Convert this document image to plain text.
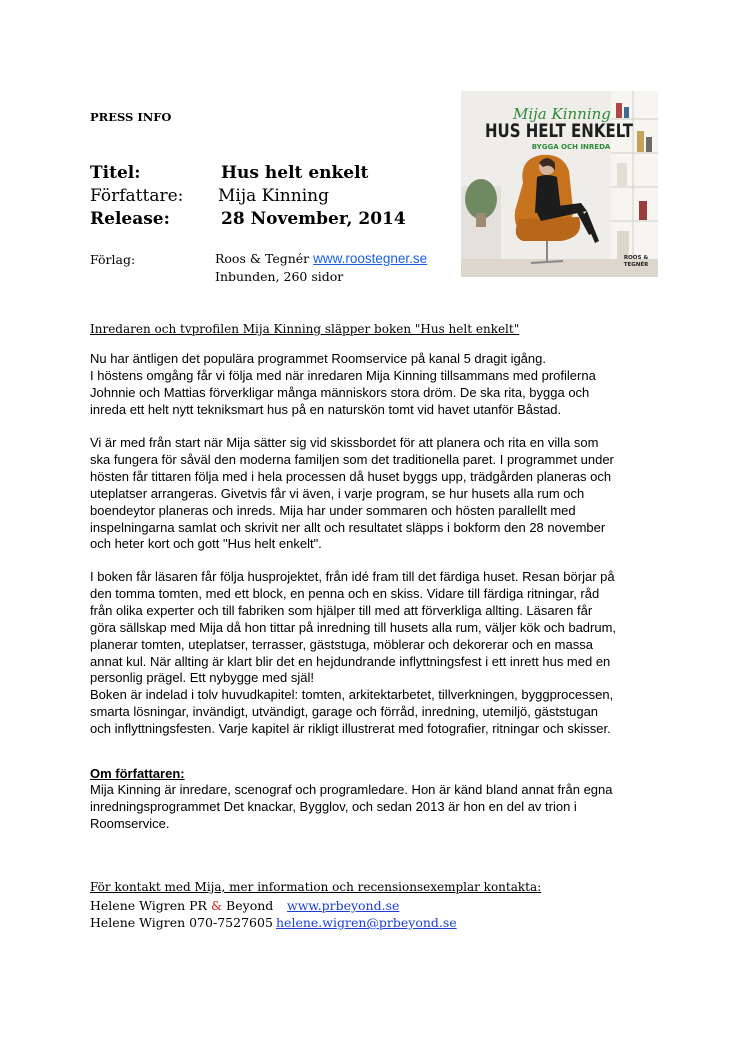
PRESS INFO
Titel:	Hus helt enkelt
Författare: Mija Kinning
Release:	28 November, 2014
Förlag:	Roos & Tegnér www.roostegner.se
Inbunden, 260 sidor
Mija Kinning
HUS HELT ENKELT
BYGGA OCH INREDA
ROOS &
TEGNÉR
Inredaren och tvprofilen Mija Kinning släpper boken "Hus helt enkelt"

Nu har äntligen det populära programmet Roomservice på kanal 5 dragit igång.
I höstens omgång får vi följa med när inredaren Mija Kinning tillsammans med profilerna
Johnnie och Mattias förverkligar många människors stora dröm. De ska rita, bygga och
inreda ett helt nytt tekniksmart hus på en naturskön tomt vid havet utanför Båstad.

Vi är med från start när Mija sätter sig vid skissbordet för att planera och rita en villa som
ska fungera för såväl den moderna familjen som det traditionella paret. I programmet under
hösten får tittaren följa med i hela processen då huset byggs upp, trädgården planeras och
uteplatser arrangeras. Givetvis får vi även, i varje program, se hur husets alla rum och
boendeytor planeras och inreds. Mija har under sommaren och hösten parallellt med
inspelningarna samlat och skrivit ner allt och resultatet släpps i bokform den 28 november
och heter kort och gott "Hus helt enkelt".

I boken får läsaren får följa husprojektet, från idé fram till det färdiga huset. Resan börjar på
den tomma tomten, med ett block, en penna och en skiss. Vidare till färdiga ritningar, råd
från olika experter och till fabriken som hjälper till med att förverkliga allting. Läsaren får
göra sällskap med Mija då hon tittar på inredning till husets alla rum, väljer kök och badrum,
planerar tomten, uteplatser, terrasser, gäststuga, möblerar och dekorerar och en massa
annat kul. När allting är klart blir det en hejdundrande inflyttningsfest i ett inrett hus med en
personlig prägel. Ett nybygge med själ!
Boken är indelad i tolv huvudkapitel: tomten, arkitektarbetet, tillverkningen, byggprocessen,
smarta lösningar, invändigt, utvändigt, garage och förråd, inredning, utemiljö, gäststugan
och inflyttningsfesten. Varje kapitel är rikligt illustrerat med fotografier, ritningar och skisser.

Om författaren:

Mija Kinning är inredare, scenograf och programledare. Hon är känd bland annat från egna
inredningsprogrammet Det knackar, Bygglov, och sedan 2013 är hon en del av trion i
Roomservice.

För kontakt med Mija, mer information och recensionsexemplar kontakta:
Helene Wigren PR & Beyond www.prbeyond.se
Helene Wigren 070-7527605 helene.wigren@prbeyond.se
